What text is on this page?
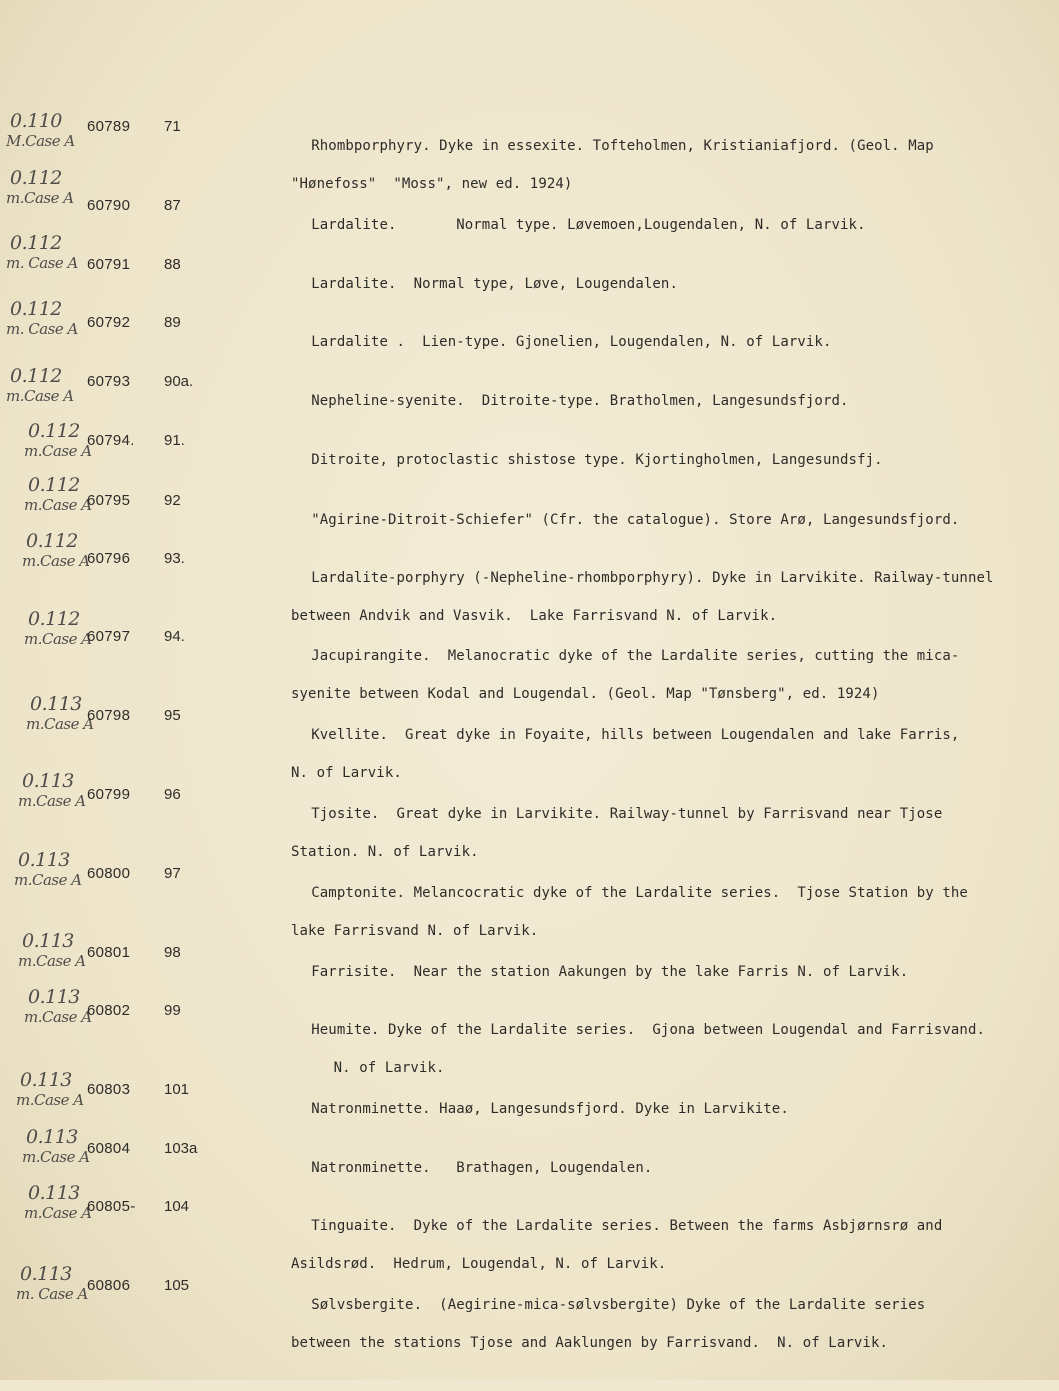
0.110
M.Case A
60789 71

Rhombporphyry. Dyke in essexite. Tofteholmen, Kristianiafjord. (Geol. Map

"Hønefoss"  "Moss", new ed. 1924)

0.112
m.Case A 60790 87

Lardalite.       Normal type. Løvemoen,Lougendalen, N. of Larvik.

0.112
m. Case A 60791 88

Lardalite.  Normal type, Løve, Lougendalen.

0.112
m. Case A 60792 89

Lardalite .  Lien-type. Gjonelien, Lougendalen, N. of Larvik.

0.112
m.Case A
60793 90a.

Nepheline-syenite.  Ditroite-type. Bratholmen, Langesundsfjord.

0.112
m.Case A
60794. 91.

Ditroite, protoclastic shistose type. Kjortingholmen, Langesundsfj.

0.112
m.Case A
60795 92

"Agirine-Ditroit-Schiefer" (Cfr. the catalogue). Store Arø, Langesundsfjord.

0.112
m.Case A
60796 93.

Lardalite-porphyry (-Nepheline-rhombporphyry). Dyke in Larvikite. Railway-tunnel

between Andvik and Vasvik.  Lake Farrisvand N. of Larvik.

0.112
m.Case A
60797 94.

Jacupirangite.  Melanocratic dyke of the Lardalite series, cutting the mica-

syenite between Kodal and Lougendal. (Geol. Map "Tønsberg", ed. 1924)

0.113
m.Case A
60798 95

Kvellite.  Great dyke in Foyaite, hills between Lougendalen and lake Farris,

N. of Larvik.

0.113
m.Case A 60799 96

Tjosite.  Great dyke in Larvikite. Railway-tunnel by Farrisvand near Tjose

Station. N. of Larvik.

0.113
m.Case A 60800 97

Camptonite. Melancocratic dyke of the Lardalite series.  Tjose Station by the

lake Farrisvand N. of Larvik.

0.113
m.Case A 60801 98

Farrisite.  Near the station Aakungen by the lake Farris N. of Larvik.

0.113
m.Case A
60802 99

Heumite. Dyke of the Lardalite series.  Gjona between Lougendal and Farrisvand.

N. of Larvik.

0.113
m.Case A
60803 101

Natronminette. Haaø, Langesundsfjord. Dyke in Larvikite.

0.113
m.Case A
60804 103a

Natronminette.   Brathagen, Lougendalen.

0.113
m.Case A
60805- 104

Tinguaite.  Dyke of the Lardalite series. Between the farms Asbjørnsrø and

Asildsrød.  Hedrum, Lougendal, N. of Larvik.

0.113
m. Case A 60806 105

Sølvsbergite.  (Aegirine-mica-sølvsbergite) Dyke of the Lardalite series

between the stations Tjose and Aaklungen by Farrisvand.  N. of Larvik.
